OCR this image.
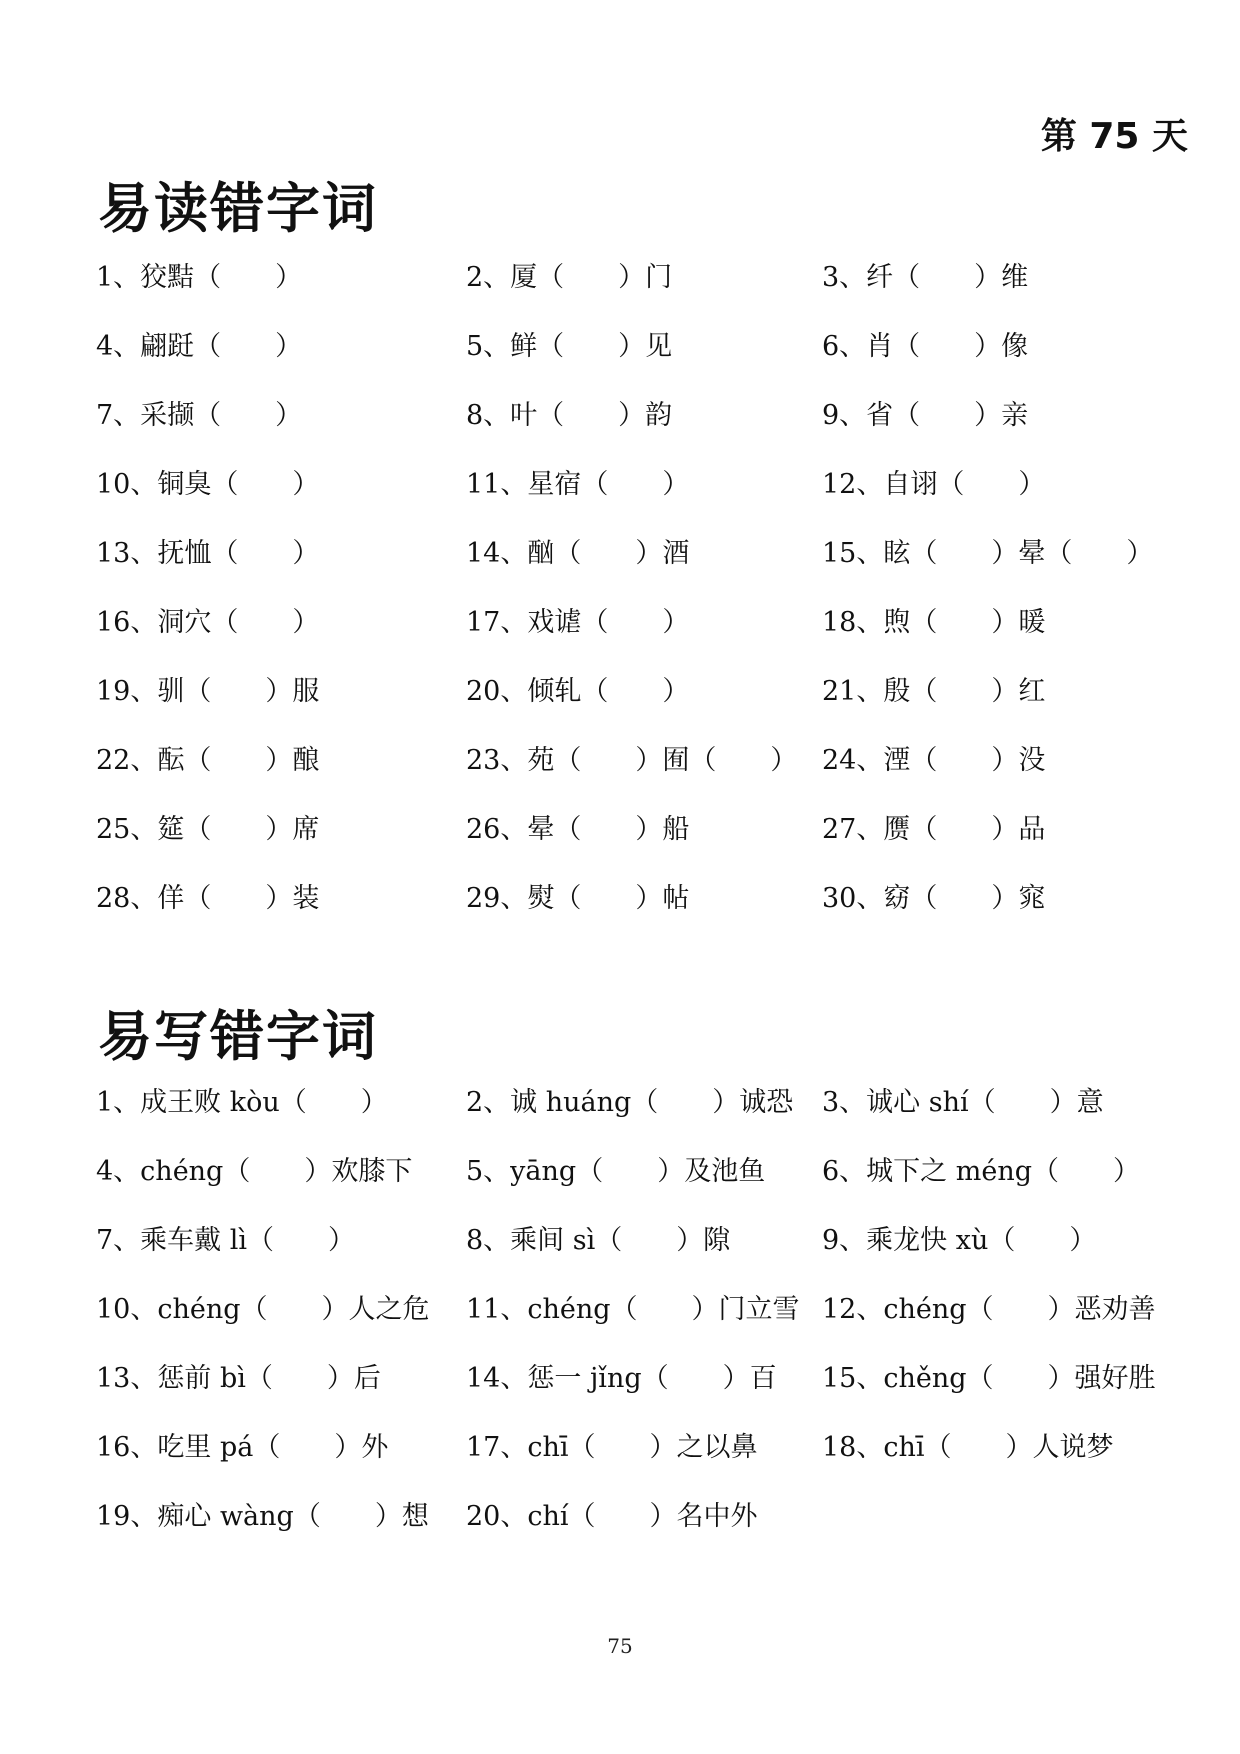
第 75 天
易读错字词
1、狡黠（　　）	2、厦（　　）门	3、纤（　　）维
4、翩跹（　　）	5、鲜（　　）见	6、肖（　　）像
7、采撷（　　）	8、叶（　　）韵	9、省（　　）亲
10、铜臭（　　）	11、星宿（　　）	12、自诩（　　）
13、抚恤（　　）	14、酗（　　）酒	15、眩（　　）晕（　　）
16、洞穴（　　）	17、戏谑（　　）	18、煦（　　）暖
19、驯（　　）服	20、倾轧（　　）	21、殷（　　）红
22、酝（　　）酿	23、苑（　　）囿（　　） 24、湮（　　）没
25、筵（　　）席	26、晕（　　）船	27、赝（　　）品
28、佯（　　）装	29、熨（　　）帖	30、窈（　　）窕
易写错字词
1、成王败 kòu（　　）	2、诚 huáng（　　）诚恐	3、诚心 shí（　　）意
4、chéng（　　）欢膝下	5、yāng（　　）及池鱼	6、城下之 méng（　　）
7、乘车戴 lì（　　）	8、乘间 sì（　　）隙	9、乘龙快 xù（　　）
10、chéng（　　）人之危	11、chéng（　　）门立雪 12、chéng（　　）恶劝善
13、惩前 bì（　　）后	14、惩一 jǐng（　　）百	15、chěng（　　）强好胜
16、吃里 pá（　　）外	17、chī（　　）之以鼻	18、chī（　　）人说梦
19、痴心 wàng（　　）想	20、chí（　　）名中外
75
